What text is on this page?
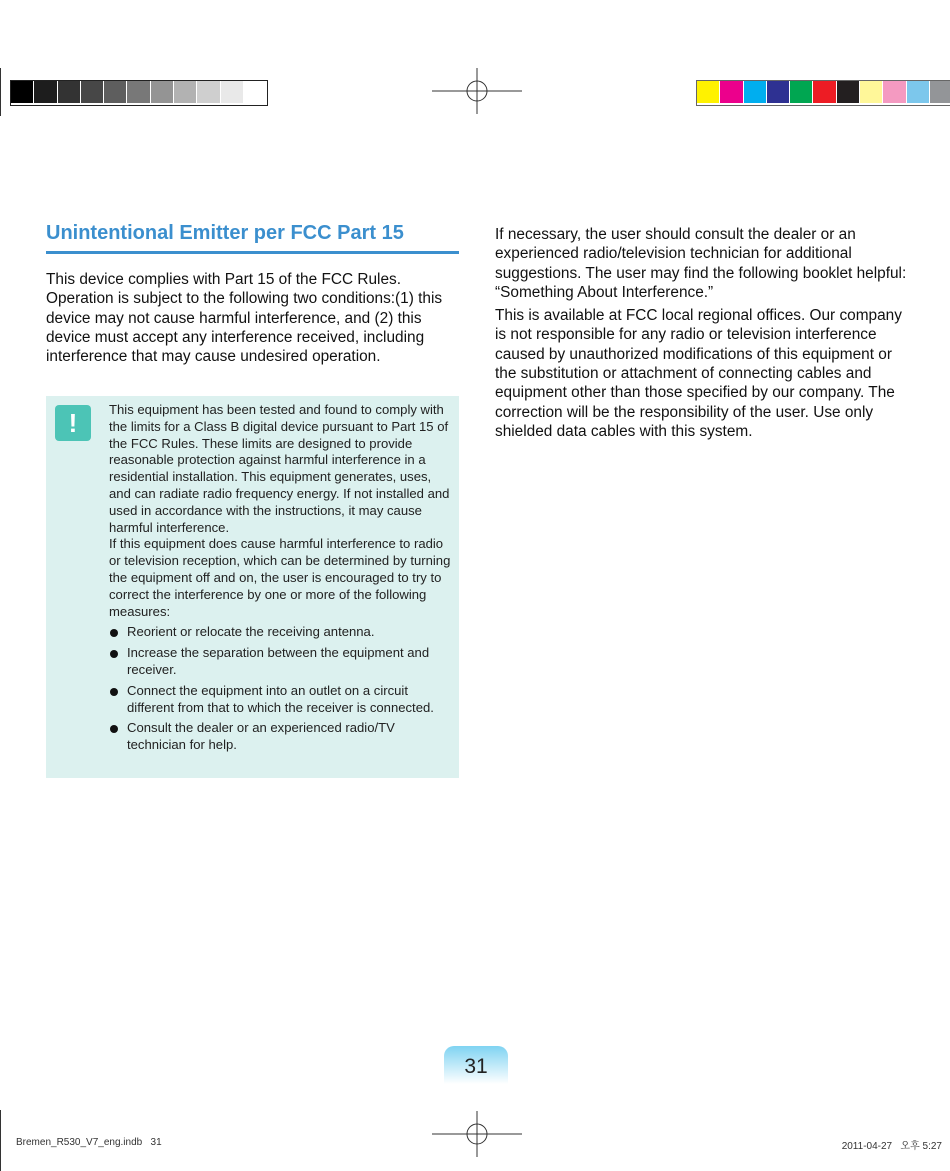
Unintentional Emitter per FCC Part 15
This device complies with Part 15 of the FCC Rules. Operation is subject to the following two conditions:(1) this device may not cause harmful interference, and (2) this device must accept any interference received, including interference that may cause undesired operation.
!	This equipment has been tested and found to comply with the limits for a Class B digital device pursuant to Part 15 of the FCC Rules. These limits are designed to provide reasonable protection against harmful interference in a residential installation. This equipment generates, uses, and can radiate radio frequency energy. If not installed and used in accordance with the instructions, it may cause harmful interference.

If this equipment does cause harmful interference to radio or television reception, which can be determined by turning the equipment off and on, the user is encouraged to try to correct the interference by one or more of the following measures:

Reorient or relocate the receiving antenna.
Increase the separation between the equipment and receiver.
Connect the equipment into an outlet on a circuit different from that to which the receiver is connected.
Consult the dealer or an experienced radio/TV technician for help.

If necessary, the user should consult the dealer or an experienced radio/television technician for additional suggestions. The user may find the following booklet helpful: “Something About Interference.”

This is available at FCC local regional offices. Our company is not responsible for any radio or television interference caused by unauthorized modifications of this equipment or the substitution or attachment of connecting cables and equipment other than those specified by our company. The correction will be the responsibility of the user. Use only shielded data cables with this system.

31
Bremen_R530_V7_eng.indb   31	2011-04-27   오후 5:27
